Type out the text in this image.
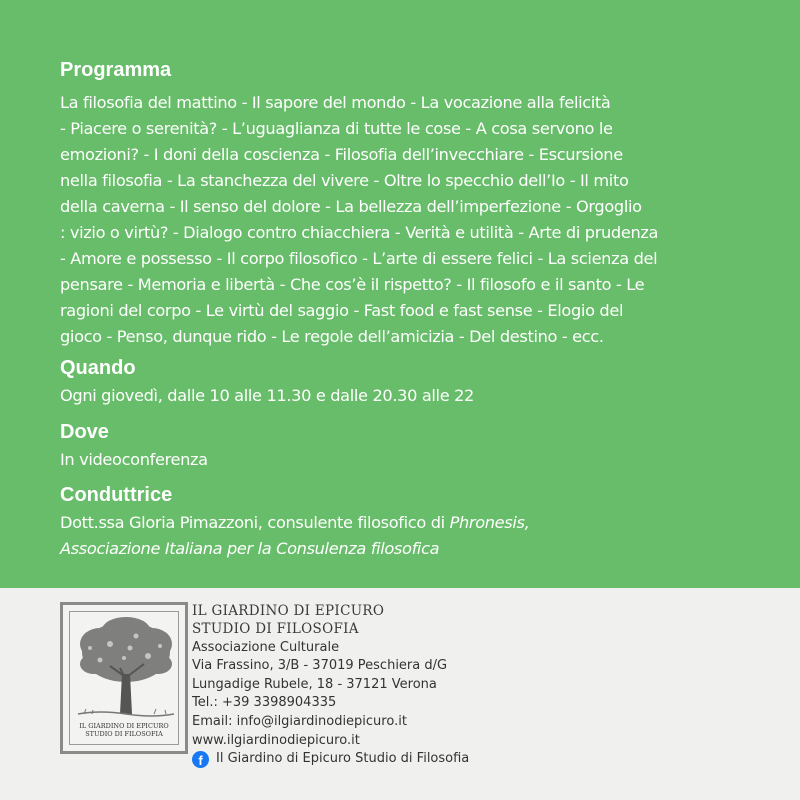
Programma

La filosofia del mattino - Il sapore del mondo - La vocazione alla felicità

- Piacere o serenità? - L’uguaglianza di tutte le cose - A cosa servono le

emozioni? - I doni della coscienza - Filosofia dell’invecchiare - Escursione

nella filosofia - La stanchezza del vivere - Oltre lo specchio dell’Io - Il mito

della caverna - Il senso del dolore - La bellezza dell’imperfezione - Orgoglio

: vizio o virtù? - Dialogo contro chiacchiera - Verità e utilità - Arte di prudenza

- Amore e possesso - Il corpo filosofico - L’arte di essere felici - La scienza del

pensare - Memoria e libertà - Che cos’è il rispetto? - Il filosofo e il santo - Le

ragioni del corpo - Le virtù del saggio - Fast food e fast sense - Elogio del

gioco - Penso, dunque rido - Le regole dell’amicizia - Del destino - ecc.

Quando

Ogni giovedì, dalle 10 alle 11.30 e dalle 20.30 alle 22

Dove

In videoconferenza

Conduttrice

Dott.ssa Gloria Pimazzoni, consulente filosofico di Phronesis,

Associazione Italiana per la Consulenza filosofica

IL GIARDINO DI EPICURO
STUDIO DI FILOSOFIA
IL GIARDINO DI EPICURO
STUDIO DI FILOSOFIA

Associazione Culturale

Via Frassino, 3/B - 37019 Peschiera d/G

Lungadige Rubele, 18 - 37121 Verona

Tel.: +39 3398904335

Email: info@ilgiardinodiepicuro.it

www.ilgiardinodiepicuro.it

f	Il Giardino di Epicuro Studio di Filosofia
